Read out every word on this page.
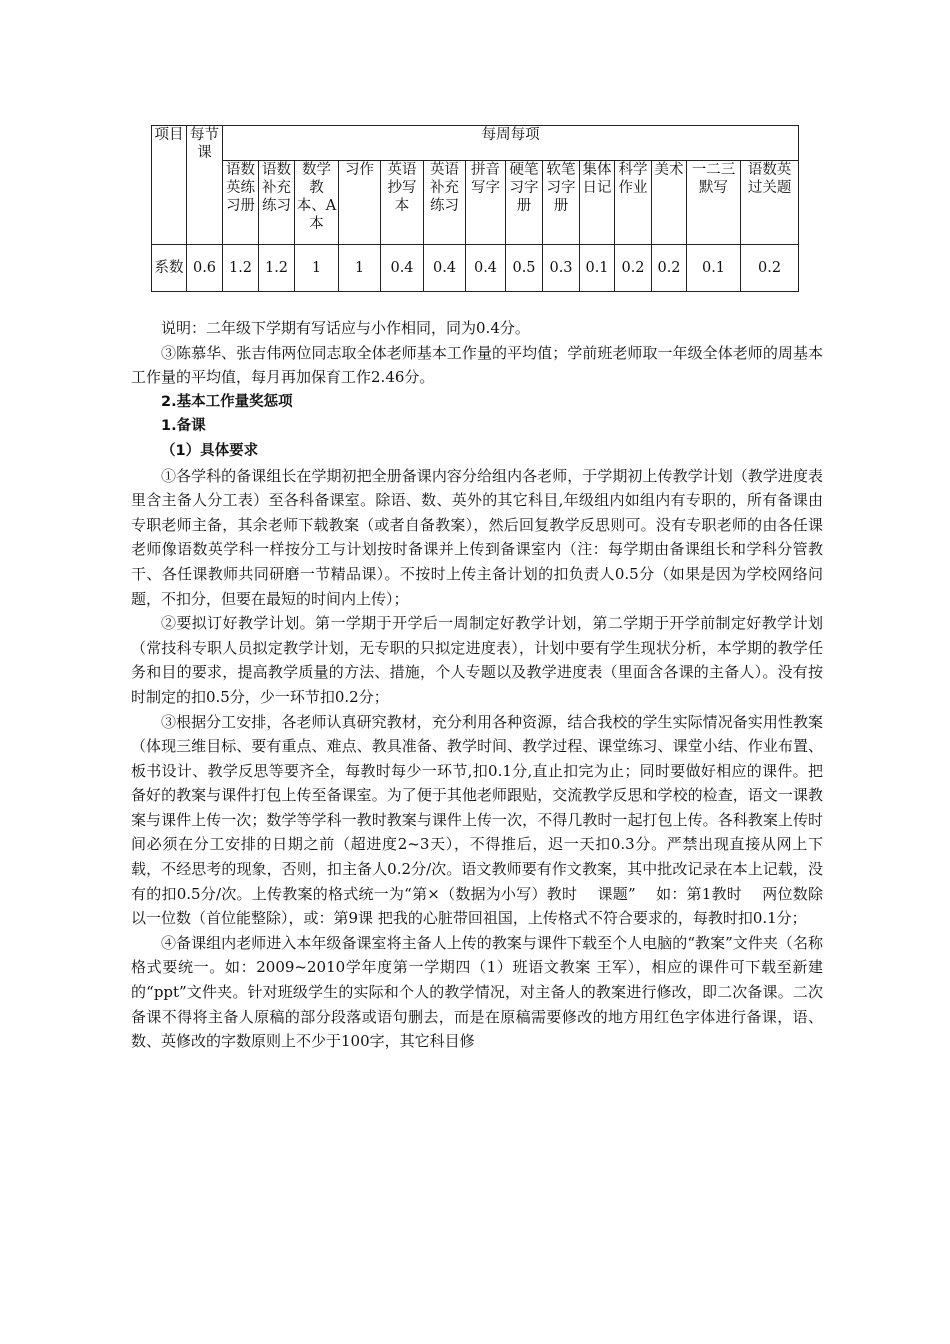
项目	每节课	每周每项													
		语数英练习册	语数补充练习	数学教本、A本	习作	英语抄写本	英语补充练习	拼音写字	硬笔习字册	软笔习字册	集体日记	科学作业	美术	一二三默写	语数英过关题
系数	0.6	1.2	1.2	1	1	0.4	0.4	0.4	0.5	0.3	0.1	0.2	0.2	0.1	0.2

说明：二年级下学期有写话应与小作相同，同为0.4分。

③陈慕华、张吉伟两位同志取全体老师基本工作量的平均值；学前班老师取一年级全体老师的周基本工作量的平均值，每月再加保育工作2.46分。

2.基本工作量奖惩项

1.备课

（1）具体要求

①各学科的备课组长在学期初把全册备课内容分给组内各老师，于学期初上传教学计划（教学进度表里含主备人分工表）至各科备课室。除语、数、英外的其它科目,年级组内如组内有专职的，所有备课由专职老师主备，其余老师下载教案（或者自备教案），然后回复教学反思则可。没有专职老师的由各任课老师像语数英学科一样按分工与计划按时备课并上传到备课室内（注：每学期由备课组长和学科分管教干、各任课教师共同研磨一节精品课）。不按时上传主备计划的扣负责人0.5分（如果是因为学校网络问题，不扣分，但要在最短的时间内上传）；

②要拟订好教学计划。第一学期于开学后一周制定好教学计划，第二学期于开学前制定好教学计划（常技科专职人员拟定教学计划，无专职的只拟定进度表），计划中要有学生现状分析，本学期的教学任务和目的要求，提高教学质量的方法、措施，个人专题以及教学进度表（里面含各课的主备人）。没有按时制定的扣0.5分，少一环节扣0.2分；

③根据分工安排，各老师认真研究教材，充分利用各种资源，结合我校的学生实际情况备实用性教案（体现三维目标、要有重点、难点、教具准备、教学时间、教学过程、课堂练习、课堂小结、作业布置、板书设计、教学反思等要齐全，每教时每少一环节,扣0.1分,直止扣完为止；同时要做好相应的课件。把备好的教案与课件打包上传至备课室。为了便于其他老师跟贴，交流教学反思和学校的检查，语文一课教案与课件上传一次；数学等学科一教时教案与课件上传一次，不得几教时一起打包上传。各科教案上传时间必须在分工安排的日期之前（超进度2~3天），不得推后，迟一天扣0.3分。严禁出现直接从网上下载，不经思考的现象，否则，扣主备人0.2分/次。语文教师要有作文教案，其中批改记录在本上记载，没有的扣0.5分/次。上传教案的格式统一为“第×（数据为小写）教时　 课题”　 如：第1教时　 两位数除以一位数（首位能整除），或：第9课 把我的心脏带回祖国，上传格式不符合要求的，每教时扣0.1分；

④备课组内老师进入本年级备课室将主备人上传的教案与课件下载至个人电脑的“教案”文件夹（名称格式要统一。如：2009~2010学年度第一学期四（1）班语文教案 王军），相应的课件可下载至新建的“ppt”文件夹。针对班级学生的实际和个人的教学情况，对主备人的教案进行修改，即二次备课。二次备课不得将主备人原稿的部分段落或语句删去，而是在原稿需要修改的地方用红色字体进行备课，语、数、英修改的字数原则上不少于100字，其它科目修
